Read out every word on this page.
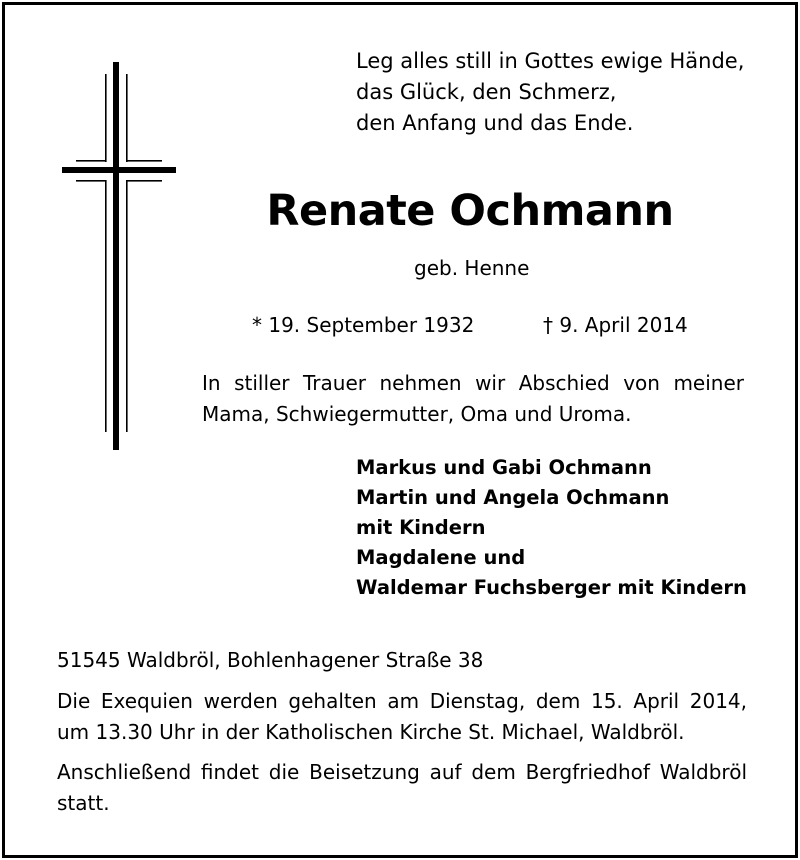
Leg alles still in Gottes ewige Hände,
das Glück, den Schmerz,
den Anfang und das Ende.
Renate Ochmann
geb. Henne
* 19. September 1932	† 9. April 2014
In stiller Trauer nehmen wir Abschied von meiner Mama, Schwiegermutter, Oma und Uroma.
Markus und Gabi Ochmann
Martin und Angela Ochmann
mit Kindern
Magdalene und
Waldemar Fuchsberger mit Kindern
51545 Waldbröl, Bohlenhagener Straße 38
Die Exequien werden gehalten am Dienstag, dem 15. April 2014, um 13.30 Uhr in der Katholischen Kirche St. Michael, Waldbröl.
Anschließend findet die Beisetzung auf dem Bergfriedhof Waldbröl statt.
